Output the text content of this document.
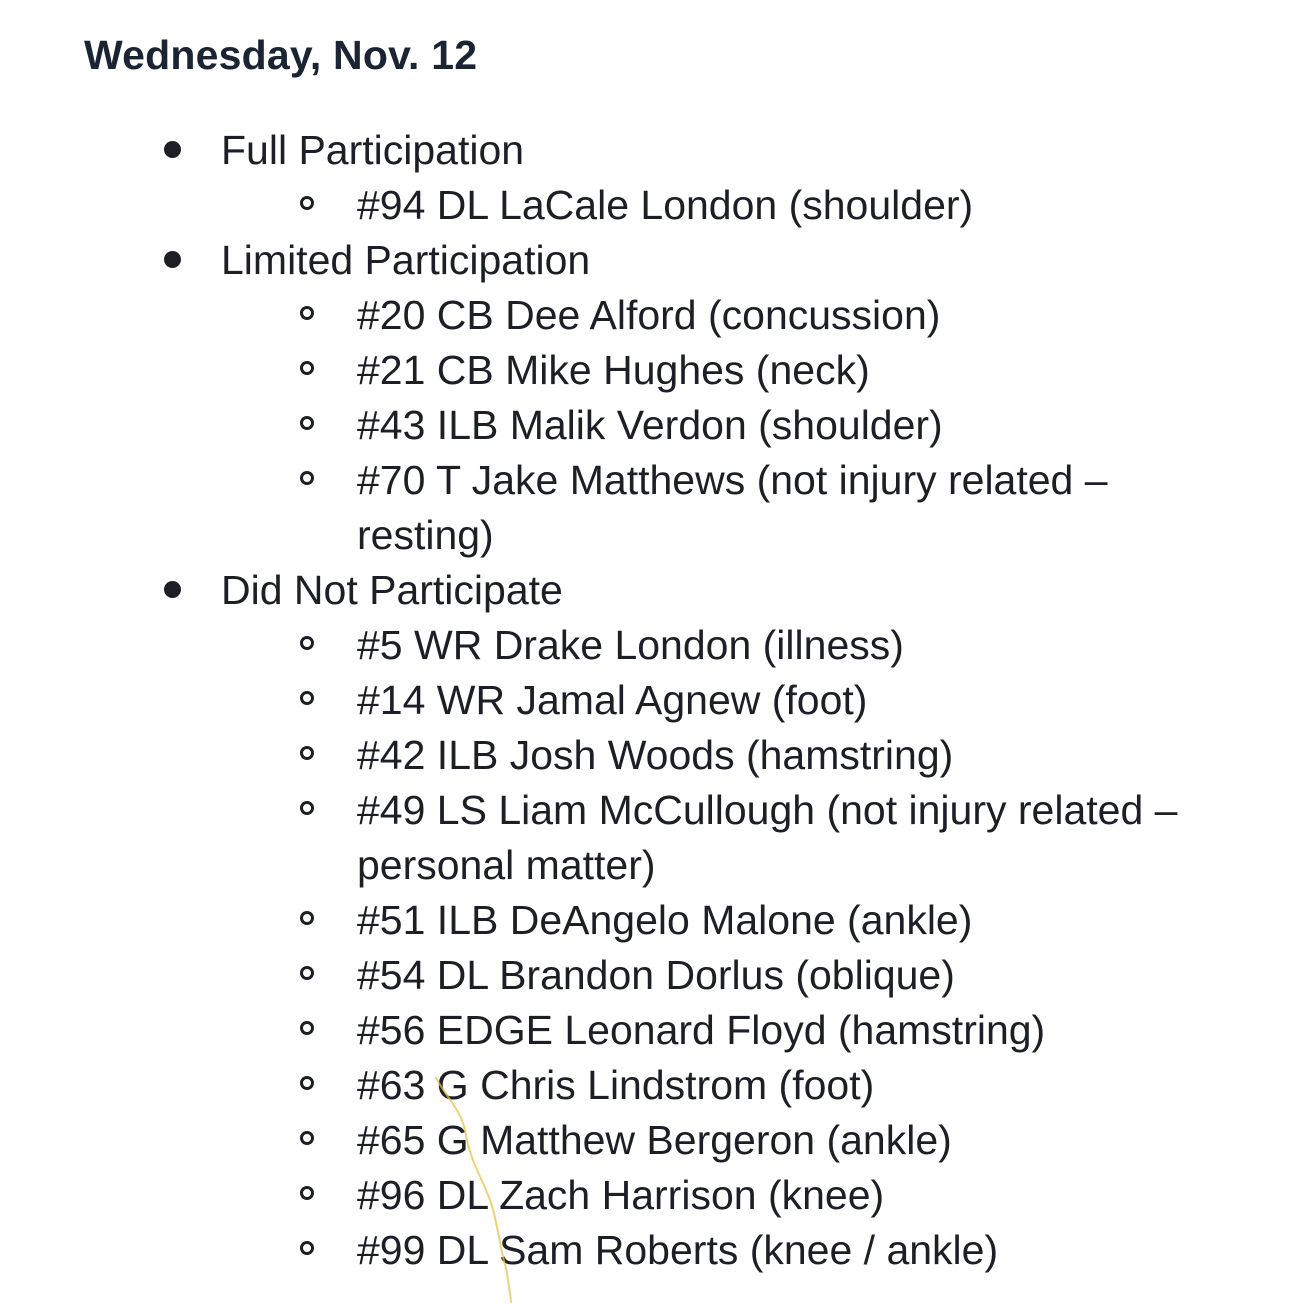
Wednesday, Nov. 12
Full Participation
#94 DL LaCale London (shoulder)
Limited Participation
#20 CB Dee Alford (concussion)
#21 CB Mike Hughes (neck)
#43 ILB Malik Verdon (shoulder)
#70 T Jake Matthews (not injury related – resting)
Did Not Participate
#5 WR Drake London (illness)
#14 WR Jamal Agnew (foot)
#42 ILB Josh Woods (hamstring)
#49 LS Liam McCullough (not injury related – personal matter)
#51 ILB DeAngelo Malone (ankle)
#54 DL Brandon Dorlus (oblique)
#56 EDGE Leonard Floyd (hamstring)
#63 G Chris Lindstrom (foot)
#65 G Matthew Bergeron (ankle)
#96 DL Zach Harrison (knee)
#99 DL Sam Roberts (knee / ankle)
